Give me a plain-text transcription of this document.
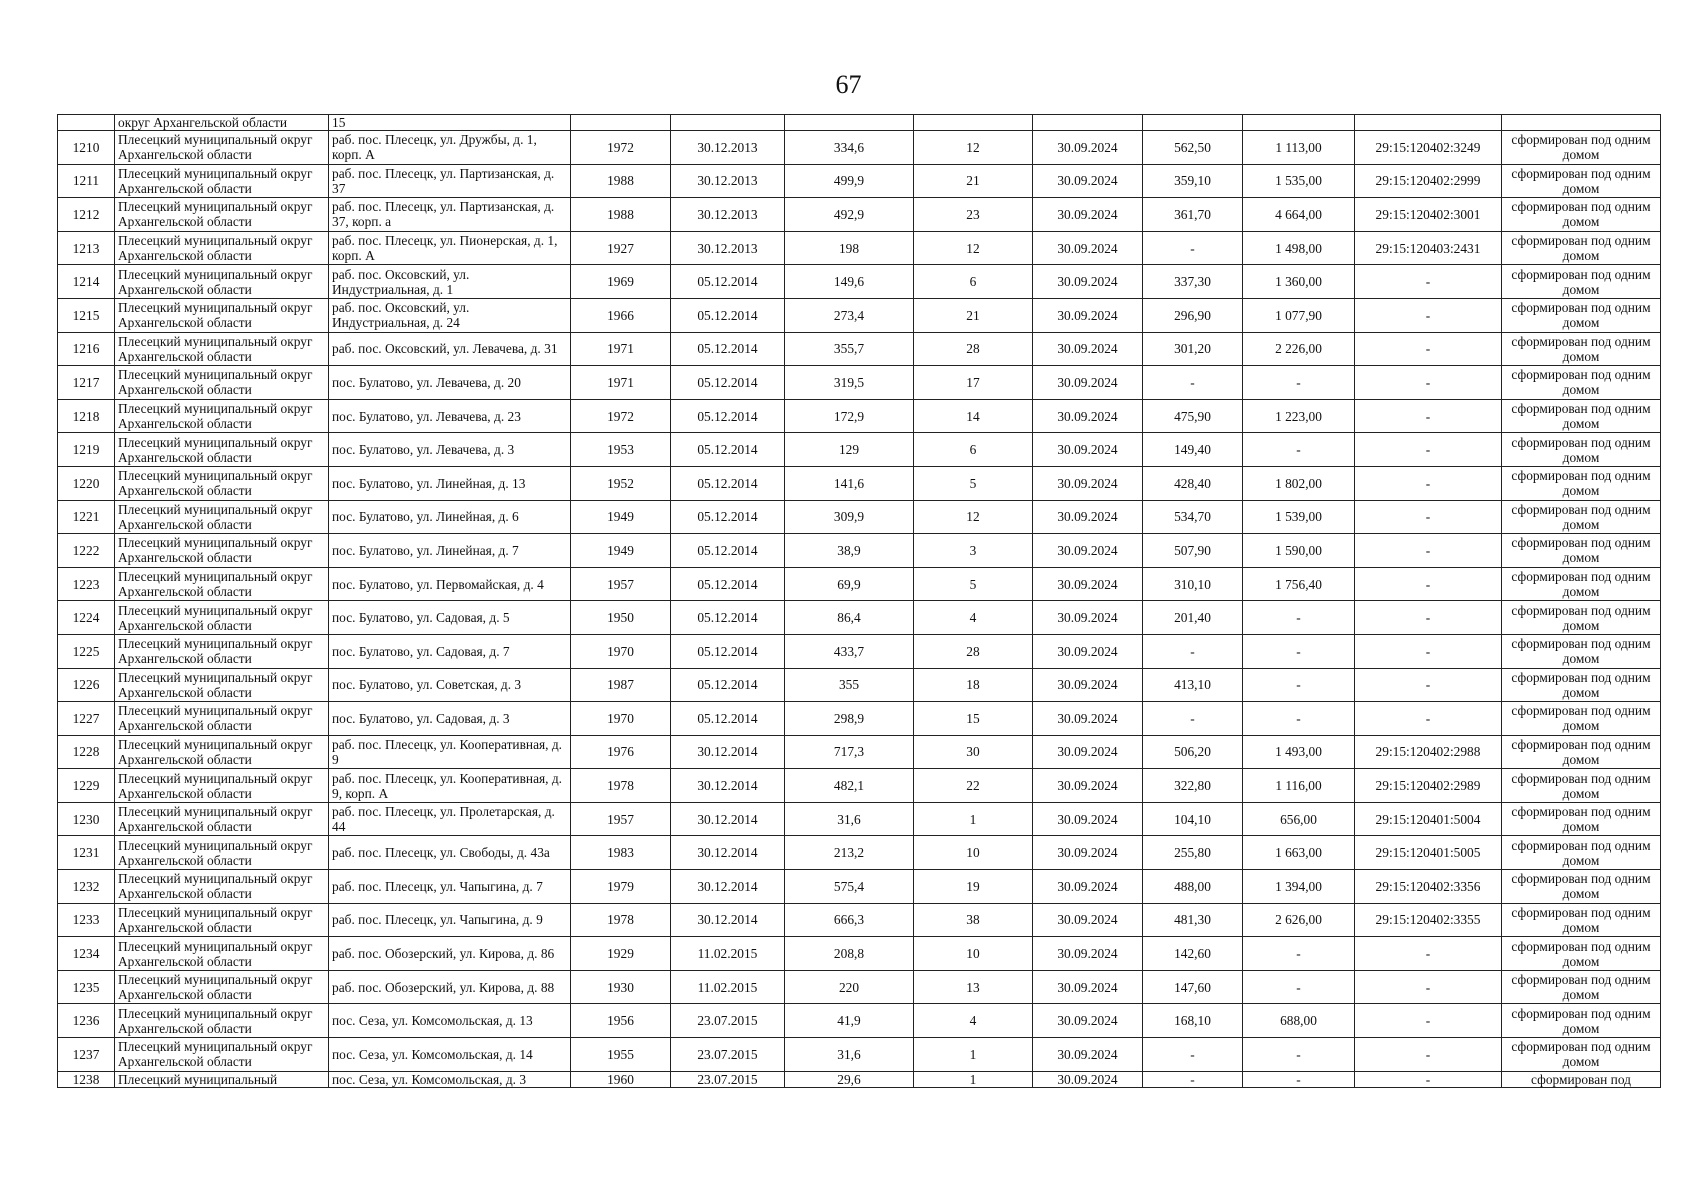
67
	округ Архангельской области	15									
1210	Плесецкий муниципальный округ Архангельской области	раб. пос. Плесецк, ул. Дружбы, д. 1, корп. А	1972	30.12.2013	334,6	12	30.09.2024	562,50	1 113,00	29:15:120402:3249	сформирован под одним домом
1211	Плесецкий муниципальный округ Архангельской области	раб. пос. Плесецк, ул. Партизанская, д. 37	1988	30.12.2013	499,9	21	30.09.2024	359,10	1 535,00	29:15:120402:2999	сформирован под одним домом
1212	Плесецкий муниципальный округ Архангельской области	раб. пос. Плесецк, ул. Партизанская, д. 37, корп. а	1988	30.12.2013	492,9	23	30.09.2024	361,70	4 664,00	29:15:120402:3001	сформирован под одним домом
1213	Плесецкий муниципальный округ Архангельской области	раб. пос. Плесецк, ул. Пионерская, д. 1, корп. А	1927	30.12.2013	198	12	30.09.2024	-	1 498,00	29:15:120403:2431	сформирован под одним домом
1214	Плесецкий муниципальный округ Архангельской области	раб. пос. Оксовский, ул. Индустриальная, д. 1	1969	05.12.2014	149,6	6	30.09.2024	337,30	1 360,00	-	сформирован под одним домом
1215	Плесецкий муниципальный округ Архангельской области	раб. пос. Оксовский, ул. Индустриальная, д. 24	1966	05.12.2014	273,4	21	30.09.2024	296,90	1 077,90	-	сформирован под одним домом
1216	Плесецкий муниципальный округ Архангельской области	раб. пос. Оксовский, ул. Левачева, д. 31	1971	05.12.2014	355,7	28	30.09.2024	301,20	2 226,00	-	сформирован под одним домом
1217	Плесецкий муниципальный округ Архангельской области	пос. Булатово, ул. Левачева, д. 20	1971	05.12.2014	319,5	17	30.09.2024	-	-	-	сформирован под одним домом
1218	Плесецкий муниципальный округ Архангельской области	пос. Булатово, ул. Левачева, д. 23	1972	05.12.2014	172,9	14	30.09.2024	475,90	1 223,00	-	сформирован под одним домом
1219	Плесецкий муниципальный округ Архангельской области	пос. Булатово, ул. Левачева, д. 3	1953	05.12.2014	129	6	30.09.2024	149,40	-	-	сформирован под одним домом
1220	Плесецкий муниципальный округ Архангельской области	пос. Булатово, ул. Линейная, д. 13	1952	05.12.2014	141,6	5	30.09.2024	428,40	1 802,00	-	сформирован под одним домом
1221	Плесецкий муниципальный округ Архангельской области	пос. Булатово, ул. Линейная, д. 6	1949	05.12.2014	309,9	12	30.09.2024	534,70	1 539,00	-	сформирован под одним домом
1222	Плесецкий муниципальный округ Архангельской области	пос. Булатово, ул. Линейная, д. 7	1949	05.12.2014	38,9	3	30.09.2024	507,90	1 590,00	-	сформирован под одним домом
1223	Плесецкий муниципальный округ Архангельской области	пос. Булатово, ул. Первомайская, д. 4	1957	05.12.2014	69,9	5	30.09.2024	310,10	1 756,40	-	сформирован под одним домом
1224	Плесецкий муниципальный округ Архангельской области	пос. Булатово, ул. Садовая, д. 5	1950	05.12.2014	86,4	4	30.09.2024	201,40	-	-	сформирован под одним домом
1225	Плесецкий муниципальный округ Архангельской области	пос. Булатово, ул. Садовая, д. 7	1970	05.12.2014	433,7	28	30.09.2024	-	-	-	сформирован под одним домом
1226	Плесецкий муниципальный округ Архангельской области	пос. Булатово, ул. Советская, д. 3	1987	05.12.2014	355	18	30.09.2024	413,10	-	-	сформирован под одним домом
1227	Плесецкий муниципальный округ Архангельской области	пос. Булатово, ул. Садовая, д. 3	1970	05.12.2014	298,9	15	30.09.2024	-	-	-	сформирован под одним домом
1228	Плесецкий муниципальный округ Архангельской области	раб. пос. Плесецк, ул. Кооперативная, д. 9	1976	30.12.2014	717,3	30	30.09.2024	506,20	1 493,00	29:15:120402:2988	сформирован под одним домом
1229	Плесецкий муниципальный округ Архангельской области	раб. пос. Плесецк, ул. Кооперативная, д. 9, корп. А	1978	30.12.2014	482,1	22	30.09.2024	322,80	1 116,00	29:15:120402:2989	сформирован под одним домом
1230	Плесецкий муниципальный округ Архангельской области	раб. пос. Плесецк, ул. Пролетарская, д. 44	1957	30.12.2014	31,6	1	30.09.2024	104,10	656,00	29:15:120401:5004	сформирован под одним домом
1231	Плесецкий муниципальный округ Архангельской области	раб. пос. Плесецк, ул. Свободы, д. 43а	1983	30.12.2014	213,2	10	30.09.2024	255,80	1 663,00	29:15:120401:5005	сформирован под одним домом
1232	Плесецкий муниципальный округ Архангельской области	раб. пос. Плесецк, ул. Чапыгина, д. 7	1979	30.12.2014	575,4	19	30.09.2024	488,00	1 394,00	29:15:120402:3356	сформирован под одним домом
1233	Плесецкий муниципальный округ Архангельской области	раб. пос. Плесецк, ул. Чапыгина, д. 9	1978	30.12.2014	666,3	38	30.09.2024	481,30	2 626,00	29:15:120402:3355	сформирован под одним домом
1234	Плесецкий муниципальный округ Архангельской области	раб. пос. Обозерский, ул. Кирова, д. 86	1929	11.02.2015	208,8	10	30.09.2024	142,60	-	-	сформирован под одним домом
1235	Плесецкий муниципальный округ Архангельской области	раб. пос. Обозерский, ул. Кирова, д. 88	1930	11.02.2015	220	13	30.09.2024	147,60	-	-	сформирован под одним домом
1236	Плесецкий муниципальный округ Архангельской области	пос. Сеза, ул. Комсомольская, д. 13	1956	23.07.2015	41,9	4	30.09.2024	168,10	688,00	-	сформирован под одним домом
1237	Плесецкий муниципальный округ Архангельской области	пос. Сеза, ул. Комсомольская, д. 14	1955	23.07.2015	31,6	1	30.09.2024	-	-	-	сформирован под одним домом
1238	Плесецкий муниципальный	пос. Сеза, ул. Комсомольская, д. 3	1960	23.07.2015	29,6	1	30.09.2024	-	-	-	сформирован под
